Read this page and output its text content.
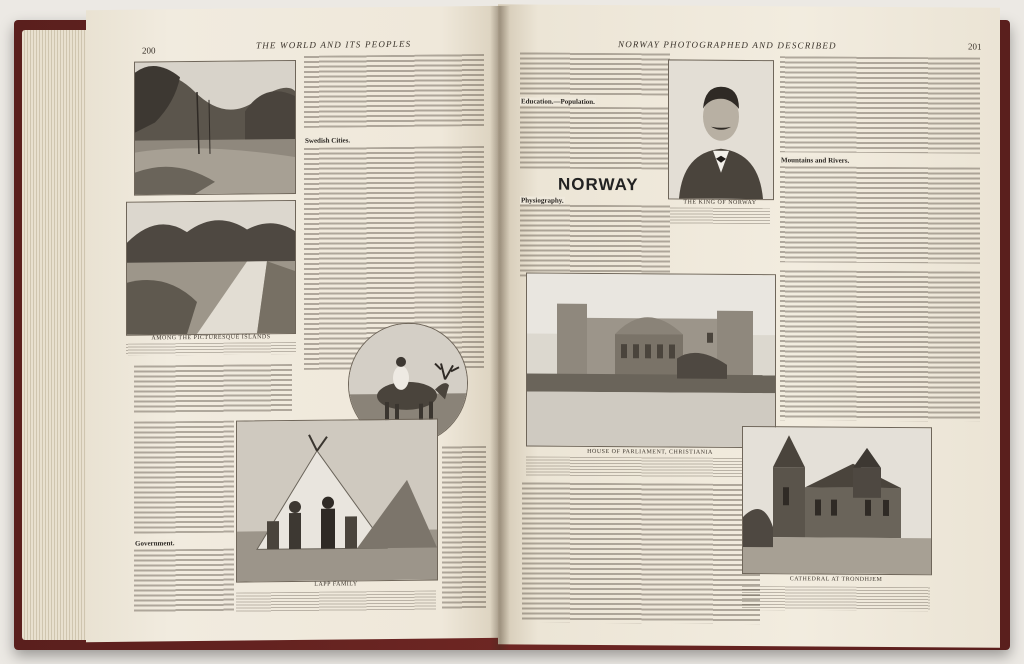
200
THE WORLD AND ITS PEOPLES
AMONG THE PICTURESQUE ISLANDS
Swedish Cities.
Government.
LAPP FAMILY
NORWAY PHOTOGRAPHED AND DESCRIBED	201
Education.—Population.
NORWAY
Physiography.	THE KING OF NORWAY
Mountains and Rivers.
HOUSE OF PARLIAMENT, CHRISTIANIA
CATHEDRAL AT TRONDHJEM
